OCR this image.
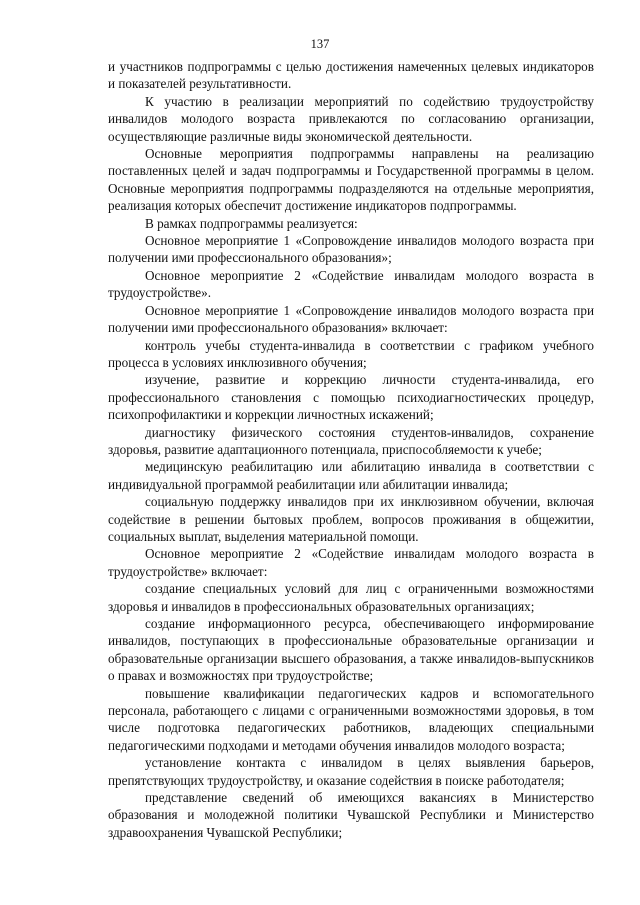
137

и участников подпрограммы с целью достижения намеченных целевых индикаторов и показателей результативности.

К участию в реализации мероприятий по содействию трудоустройству инвалидов молодого возраста привлекаются по согласованию организации, осуществляющие различные виды экономической деятельности.

Основные мероприятия подпрограммы направлены на реализацию поставленных целей и задач подпрограммы и Государственной программы в целом. Основные мероприятия подпрограммы подразделяются на отдельные мероприятия, реализация которых обеспечит достижение индикаторов подпрограммы.

В рамках подпрограммы реализуется:

Основное мероприятие 1 «Сопровождение инвалидов молодого возраста при получении ими профессионального образования»;

Основное мероприятие 2 «Содействие инвалидам молодого возраста в трудоустройстве».

Основное мероприятие 1 «Сопровождение инвалидов молодого возраста при получении ими профессионального образования» включает:

контроль учебы студента-инвалида в соответствии с графиком учебного процесса в условиях инклюзивного обучения;

изучение, развитие и коррекцию личности студента-инвалида, его профессионального становления с помощью психодиагностических процедур, психопрофилактики и коррекции личностных искажений;

диагностику физического состояния студентов-инвалидов, сохранение здоровья, развитие адаптационного потенциала, приспособляемости к учебе;

медицинскую реабилитацию или абилитацию инвалида в соответствии с индивидуальной программой реабилитации или абилитации инвалида;

социальную поддержку инвалидов при их инклюзивном обучении, включая содействие в решении бытовых проблем, вопросов проживания в общежитии, социальных выплат, выделения материальной помощи.

Основное мероприятие 2 «Содействие инвалидам молодого возраста в трудоустройстве» включает:

создание специальных условий для лиц с ограниченными возможностями здоровья и инвалидов в профессиональных образовательных организациях;

создание информационного ресурса, обеспечивающего информирование инвалидов, поступающих в профессиональные образовательные организации и образовательные организации высшего образования, а также инвалидов-выпускников о правах и возможностях при трудоустройстве;

повышение квалификации педагогических кадров и вспомогательного персонала, работающего с лицами с ограниченными возможностями здоровья, в том числе подготовка педагогических работников, владеющих специальными педагогическими подходами и методами обучения инвалидов молодого возраста;

установление контакта с инвалидом в целях выявления барьеров, препятствующих трудоустройству, и оказание содействия в поиске работодателя;

представление сведений об имеющихся вакансиях в Министерство образования и молодежной политики Чувашской Республики и Министерство здравоохранения Чувашской Республики;
